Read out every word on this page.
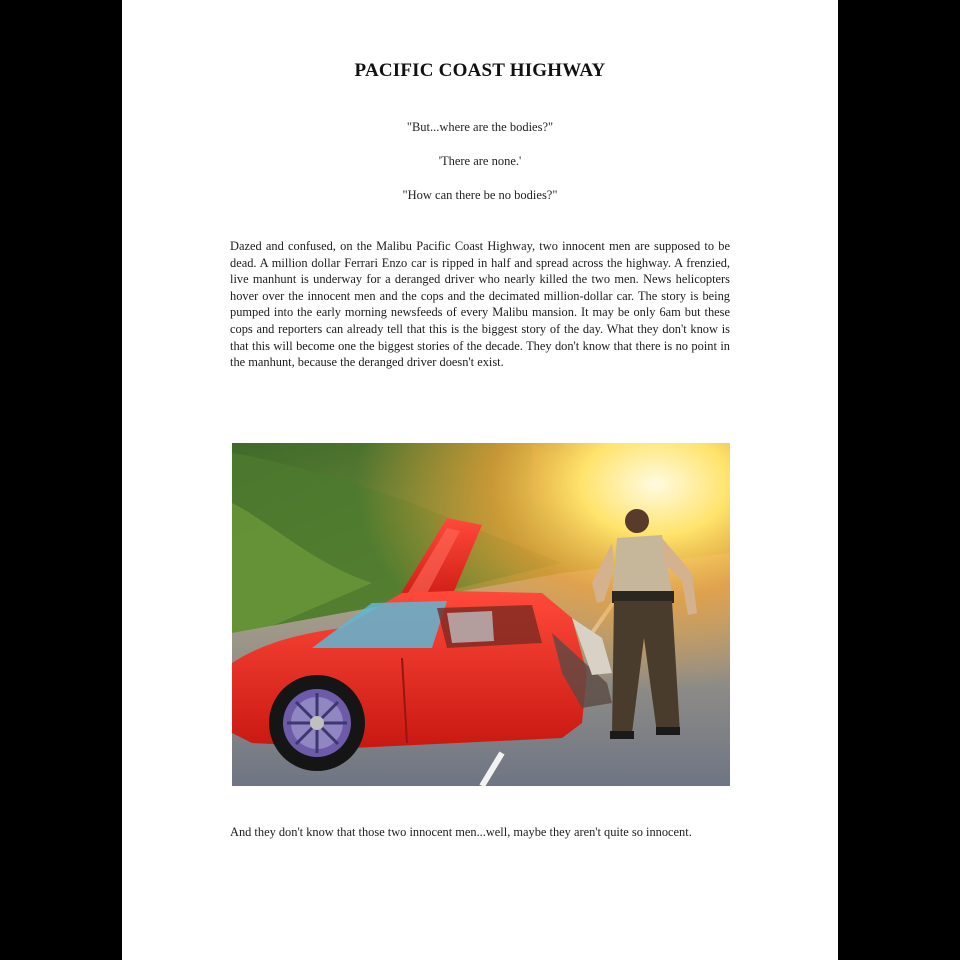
PACIFIC COAST HIGHWAY
"But...where are the bodies?"
'There are none.'
"How can there be no bodies?"
Dazed and confused, on the Malibu Pacific Coast Highway, two innocent men are supposed to be dead. A million dollar Ferrari Enzo car is ripped in half and spread across the highway. A frenzied, live manhunt is underway for a deranged driver who nearly killed the two men. News helicopters hover over the innocent men and the cops and the decimated million-dollar car. The story is being pumped into the early morning newsfeeds of every Malibu mansion. It may be only 6am but these cops and reporters can already tell that this is the biggest story of the day. What they don't know is that this will become one the biggest stories of the decade. They don't know that there is no point in the manhunt, because the deranged driver doesn't exist.
And they don't know that those two innocent men...well, maybe they aren't quite so innocent.
